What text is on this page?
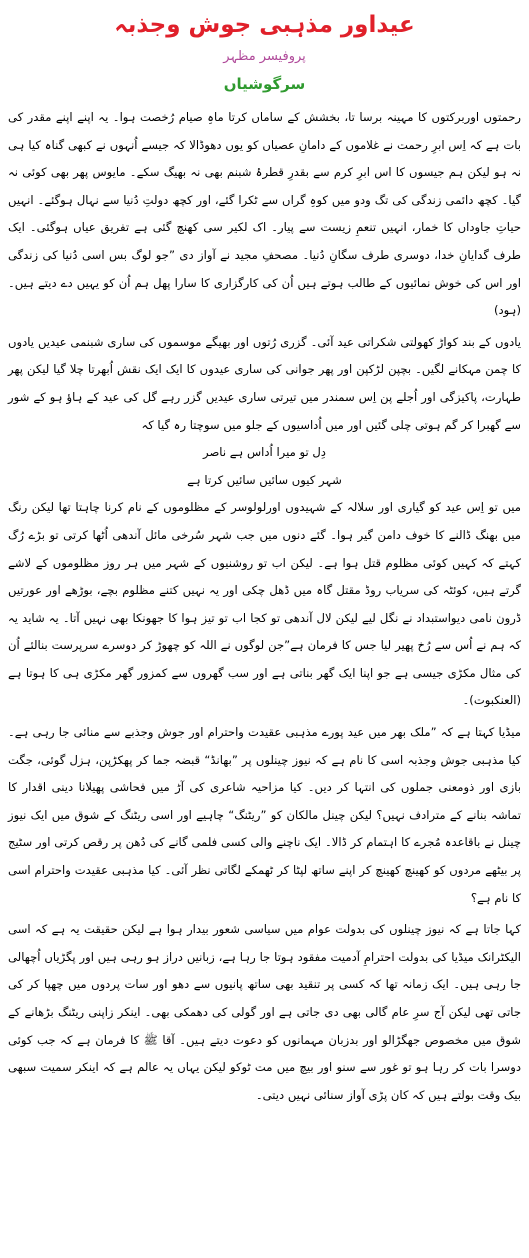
عیداور مذہبی جوش وجذبہ
پروفیسر مظہر
سرگوشیاں

رحمتوں اوربرکتوں کا مہینہ برسا تا، بخشش کے ساماں کرتا ماہِ صیام رُخصت ہوا۔ یہ اپنے اپنے مقدر کی بات ہے کہ اِس ابرِ رحمت نے غلاموں کے دامانِ عصیاں کو یوں دھوڈالا کہ جیسے اُنہوں نے کبھی گناہ کیا ہی نہ ہو لیکن ہم جیسوں کا اس ابرِ کرم سے بقدرِ قطرۂ شبنم بھی نہ بھیگ سکے۔ مایوس پھر بھی کوئی نہ گیا۔ کچھ دائمی زندگی کی تگ ودو میں کوہِ گراں سے ٹکرا گئے، اور کچھ دولتِ دُنیا سے نہال ہوگئے۔ انہیں حیاتِ جاوداں کا خمار، انہیں تنعمِ زیست سے پیار۔ اک لکیر سی کھنچ گئی ہے تفریق عیاں ہوگئی۔ ایک طرف گدایانِ خدا، دوسری طرف سگانِ دُنیا۔ مصحفِ مجید نے آواز دی ”جو لوگ بس اسی دُنیا کی زندگی اور اس کی خوش نمائیوں کے طالب ہوتے ہیں اُن کی کارگزاری کا سارا پھل ہم اُن کو یہیں دے دیتے ہیں۔(ہود)

یادوں کے بند کواڑ کھولتی شکراتی عید آئی۔ گزری رُتوں اور بھیگے موسموں کی ساری شبنمی عیدیں یادوں کا چمن مہکانے لگیں۔ بچپن لڑکپن اور پھر جوانی کی ساری عیدوں کا ایک ایک نقش اُبھرتا چلا گیا لیکن پھر طہارت، پاکیزگی اور اُجلے پن اِس سمندر میں تیرتی ساری عیدیں گزر رہے گل کی عید کے ہاؤ ہو کے شور سے گھبرا کر گم ہوتی چلی گئیں اور میں اُداسیوں کے جلو میں سوچتا رہ گیا کہ

دِل تو میرا اُداس ہے ناصر

شہر کیوں سائیں سائیں کرتا ہے

میں تو اِس عید کو گیاری اور سلالہ کے شہیدوں اورلولوسر کے مظلوموں کے نام کرنا چاہتا تھا لیکن رنگ میں بھنگ ڈالنے کا خوف دامن گیر ہوا۔ گئے دنوں میں جب شہر سُرخی مائل آندھی اُٹھا کرتی تو بڑے رُگ کہتے کہ کہیں کوئی مظلوم قتل ہوا ہے۔ لیکن اب تو روشنیوں کے شہر میں ہر روز مظلوموں کے لاشے گرتے ہیں، کوئٹہ کی سریاب روڈ مقتل گاہ میں ڈھل چکی اور یہ نہیں کتنے مظلوم بچے، بوڑھے اور عورتیں ڈرون نامی دیواستبداد نے نگل لیے لیکن لال آندھی تو کجا اب تو تیز ہوا کا جھونکا بھی نہیں آتا۔ یہ شاید یہ کہ ہم نے اُس سے رُخ پھیر لیا جس کا فرمان ہے”جن لوگوں نے اللہ کو چھوڑ کر دوسرے سرپرست بنالئے اُن کی مثال مکڑی جیسی ہے جو اپنا ایک گھر بناتی ہے اور سب گھروں سے کمزور گھر مکڑی ہی کا ہوتا ہے (العنکبوت)۔

میڈیا کہتا ہے کہ ”ملک بھر میں عید پورے مذہبی عقیدت واحترام اور جوش وجذبے سے منائی جا رہی ہے۔ کیا مذہبی جوش وجذبہ اسی کا نام ہے کہ نیوز چینلوں پر ”بھانڈ“ قبضہ جما کر پھکڑپن، ہزل گوئی، جگت بازی اور ذومعنی جملوں کی انتہا کر دیں۔ کیا مزاحیہ شاعری کی آڑ میں فحاشی پھیلانا دینی اقدار کا تماشہ بنانے کے مترادف نہیں؟ لیکن چینل مالکان کو ”ریٹنگ“ چاہیے اور اسی ریٹنگ کے شوق میں ایک نیوز چینل نے باقاعدہ مُجرے کا اہتمام کر ڈالا۔ ایک ناچنے والی کسی فلمی گانے کی دُھن پر رقص کرتی اور سٹیج پر بیٹھے مردوں کو کھینچ کھینچ کر اپنے ساتھ لپٹا کر ٹھمکے لگاتی نظر آئی۔ کیا مذہبی عقیدت واحترام اسی کا نام ہے؟

کہا جاتا ہے کہ نیوز چینلوں کی بدولت عوام میں سیاسی شعور بیدار ہوا ہے لیکن حقیقت یہ ہے کہ اسی الیکٹرانک میڈیا کی بدولت احترامِ آدمیت مفقود ہوتا جا رہا ہے، زبانیں دراز ہو رہی ہیں اور پگڑیاں اُچھالی جا رہی ہیں۔ ایک زمانہ تھا کہ کسی پر تنقید بھی ساتھ پانیوں سے دھو اور سات پردوں میں چھپا کر کی جاتی تھی لیکن آج سرِ عام گالی بھی دی جاتی ہے اور گولی کی دھمکی بھی۔ اینکر زاپنی ریٹنگ بڑھانے کے شوق میں مخصوص جھگڑالو اور بدزبان مہمانوں کو دعوت دیتے ہیں۔ آقا ﷺ کا فرمان ہے کہ جب کوئی دوسرا بات کر رہا ہو تو غور سے سنو اور بیچ میں مت ٹوکو لیکن یہاں یہ عالم ہے کہ اینکر سمیت سبھی بیک وقت بولتے ہیں کہ کان پڑی آواز سنائی نہیں دیتی۔
